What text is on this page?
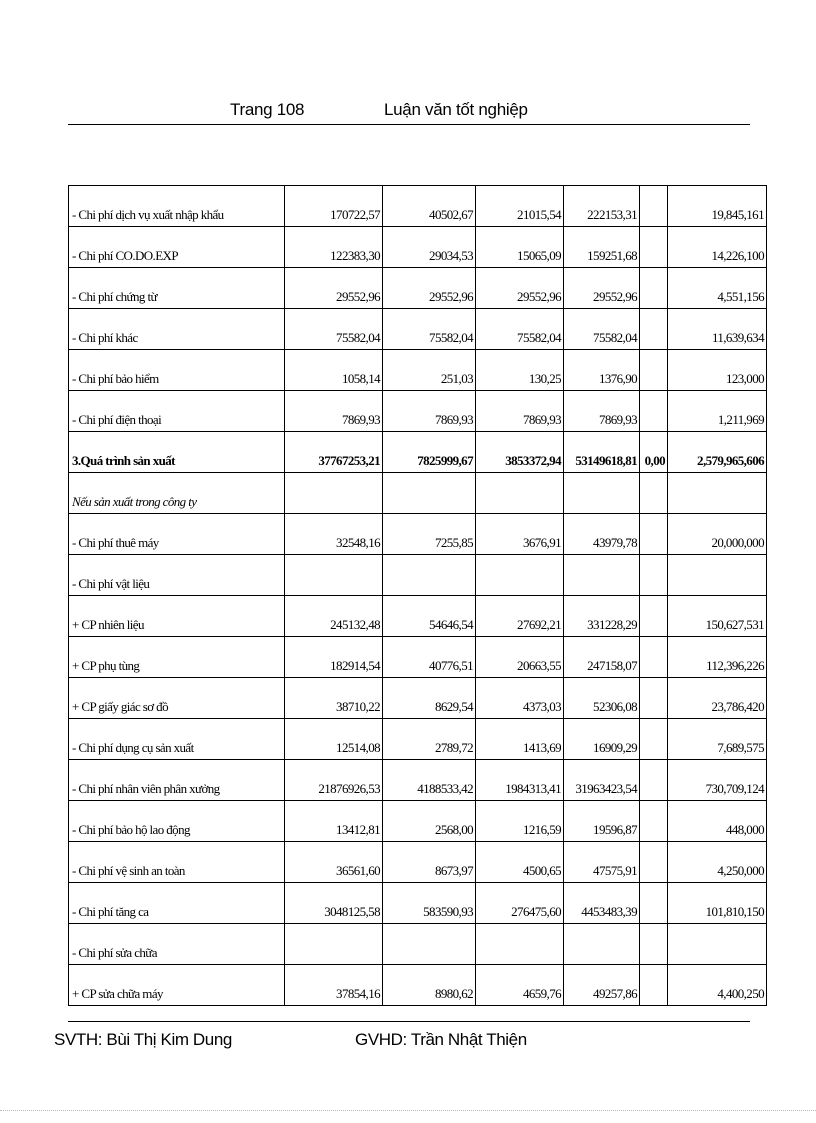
Trang 108	Luận văn tốt nghiệp
- Chi phí dịch vụ xuất nhập khẩu	170722,57	40502,67	21015,54	222153,31		19,845,161
- Chi phí CO.DO.EXP	122383,30	29034,53	15065,09	159251,68		14,226,100
- Chi phí chứng từ	29552,96	29552,96	29552,96	29552,96		4,551,156
- Chi phí khác	75582,04	75582,04	75582,04	75582,04		11,639,634
- Chi phí bảo hiểm	1058,14	251,03	130,25	1376,90		123,000
- Chi phí điện thoại	7869,93	7869,93	7869,93	7869,93		1,211,969
3.Quá trình sản xuất	37767253,21	7825999,67	3853372,94	53149618,81	0,00	2,579,965,606
Nếu sản xuất trong công ty						
- Chi phí thuê máy	32548,16	7255,85	3676,91	43979,78		20,000,000
- Chi phí vật liệu						
+ CP nhiên liệu	245132,48	54646,54	27692,21	331228,29		150,627,531
+ CP phụ tùng	182914,54	40776,51	20663,55	247158,07		112,396,226
+ CP giấy giác sơ đồ	38710,22	8629,54	4373,03	52306,08		23,786,420
- Chi phí dụng cụ sản xuất	12514,08	2789,72	1413,69	16909,29		7,689,575
- Chi phí nhân viên phân xưởng	21876926,53	4188533,42	1984313,41	31963423,54		730,709,124
- Chi phí bảo hộ lao động	13412,81	2568,00	1216,59	19596,87		448,000
- Chi phí vệ sinh an toàn	36561,60	8673,97	4500,65	47575,91		4,250,000
- Chi phí tăng ca	3048125,58	583590,93	276475,60	4453483,39		101,810,150
- Chi phí sửa chữa						
+ CP sửa chữa máy	37854,16	8980,62	4659,76	49257,86		4,400,250
SVTH: Bùi Thị Kim Dung	GVHD: Trần Nhật Thiện
